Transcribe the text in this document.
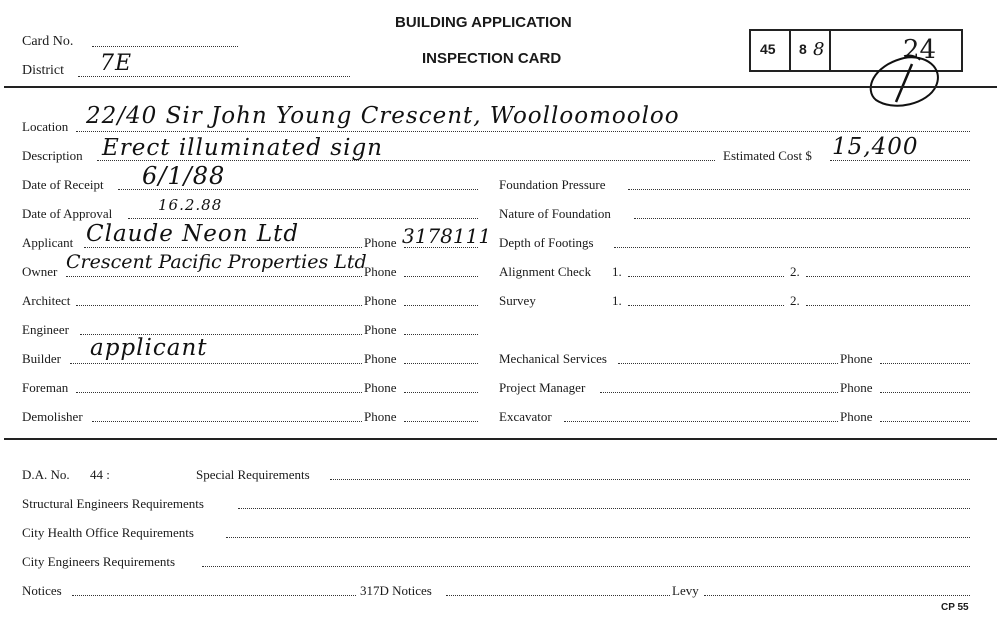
Card No.
District 7E
BUILDING APPLICATION
INSPECTION CARD
45 8 8	24
Location 22/40 Sir John Young Crescent, Woolloomooloo
Description Erect illuminated sign
Date of Receipt 6/1/88
Date of Approval	16.2.88
Applicant Claude Neon Ltd	Phone 3178111
Owner Crescent Pacific Properties Ltd
Phone
Architect	Phone
Engineer	Phone
Builder applicant	Phone
Foreman	Phone
Demolisher	Phone
Estimated Cost $ 15,400
Foundation Pressure
Nature of Foundation
Depth of Footings
Alignment Check 1.	2.
Survey	1.	2.
Mechanical Services	Phone
Project Manager	Phone
Excavator	Phone
D.A. No. 44 :	Special Requirements
Structural Engineers Requirements
City Health Office Requirements
City Engineers Requirements
Notices	317D Notices	Levy
CP 55
